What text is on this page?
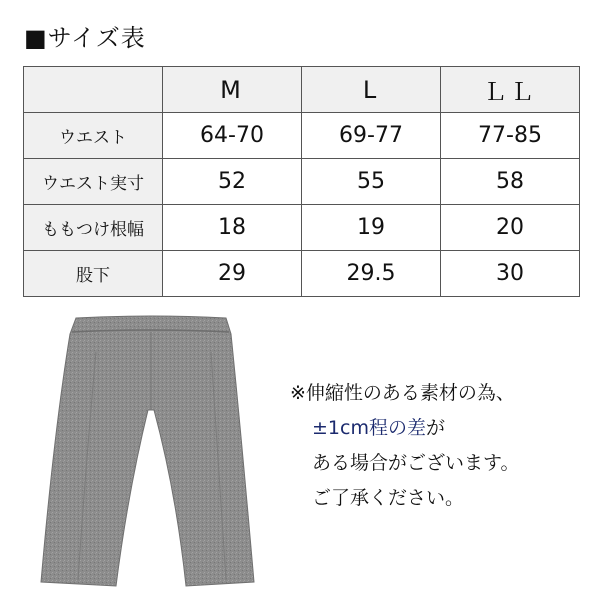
■サイズ表
	M	L	ＬＬ
ウエスト	64-70	69-77	77-85
ウエスト実寸	52	55	58
ももつけ根幅	18	19	20
股下	29	29.5	30
※伸縮性のある素材の為、
±1cm程の差が
ある場合がございます。
ご了承ください。
